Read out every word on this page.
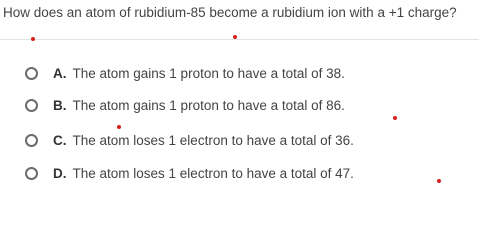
How does an atom of rubidium-85 become a rubidium ion with a +1 charge?
A. The atom gains 1 proton to have a total of 38.
B. The atom gains 1 proton to have a total of 86.
C. The atom loses 1 electron to have a total of 36.
D. The atom loses 1 electron to have a total of 47.
